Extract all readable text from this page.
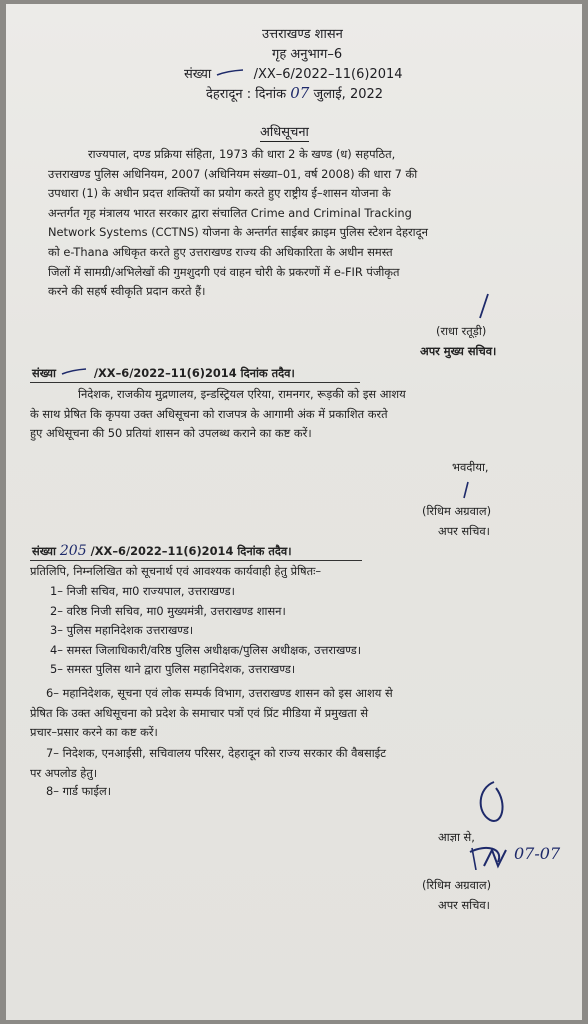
उत्तराखण्ड शासन
गृह अनुभाग–6
संख्या	/XX–6/2022–11(6)2014
देहरादून : दिनांक 07 जुलाई, 2022
अधिसूचना

राज्यपाल, दण्ड प्रक्रिया संहिता, 1973 की धारा 2 के खण्ड (ध) सहपठित,

उत्तराखण्ड पुलिस अधिनियम, 2007 (अधिनियम संख्या–01, वर्ष 2008) की धारा 7 की

उपधारा (1) के अधीन प्रदत्त शक्तियों का प्रयोग करते हुए राष्ट्रीय ई–शासन योजना के

अन्तर्गत गृह मंत्रालय भारत सरकार द्वारा संचालित Crime and Criminal Tracking

Network Systems (CCTNS) योजना के अन्तर्गत साईबर क्राइम पुलिस स्टेशन देहरादून

को e-Thana अधिकृत करते हुए उत्तराखण्ड राज्य की अधिकारिता के अधीन समस्त

जिलों में सामग्री/अभिलेखों की गुमशुदगी एवं वाहन चोरी के प्रकरणों में e-FIR पंजीकृत

करने की सहर्ष स्वीकृति प्रदान करते हैं।

(राधा रतूड़ी)
अपर मुख्य सचिव।
संख्या	/XX–6/2022–11(6)2014 दिनांक तदैव।

निदेशक, राजकीय मुद्रणालय, इन्डस्ट्रियल एरिया, रामनगर, रूड़की को इस आशय

के साथ प्रेषित कि कृपया उक्त अधिसूचना को राजपत्र के आगामी अंक में प्रकाशित करते

हुए अधिसूचना की 50 प्रतियां शासन को उपलब्ध कराने का कष्ट करें।

भवदीया,
(रिधिम अग्रवाल)
अपर सचिव।
संख्या 205 /XX–6/2022–11(6)2014 दिनांक तदैव।
प्रतिलिपि, निम्नलिखित को सूचनार्थ एवं आवश्यक कार्यवाही हेतु प्रेषितः–
1– निजी सचिव, मा0 राज्यपाल, उत्तराखण्ड।
2– वरिष्ठ निजी सचिव, मा0 मुख्यमंत्री, उत्तराखण्ड शासन।
3– पुलिस महानिदेशक उत्तराखण्ड।
4– समस्त जिलाधिकारी/वरिष्ठ पुलिस अधीक्षक/पुलिस अधीक्षक, उत्तराखण्ड।
5– समस्त पुलिस थाने द्वारा पुलिस महानिदेशक, उत्तराखण्ड।

6– महानिदेशक, सूचना एवं लोक सम्पर्क विभाग, उत्तराखण्ड शासन को इस आशय से

प्रेषित कि उक्त अधिसूचना को प्रदेश के समाचार पत्रों एवं प्रिंट मीडिया में प्रमुखता से

प्रचार–प्रसार करने का कष्ट करें।

7– निदेशक, एनआईसी, सचिवालय परिसर, देहरादून को राज्य सरकार की वैबसाईट

पर अपलोड हेतु।

8– गार्ड फाईल।
07-07
आज्ञा से,
(रिधिम अग्रवाल)
अपर सचिव।
